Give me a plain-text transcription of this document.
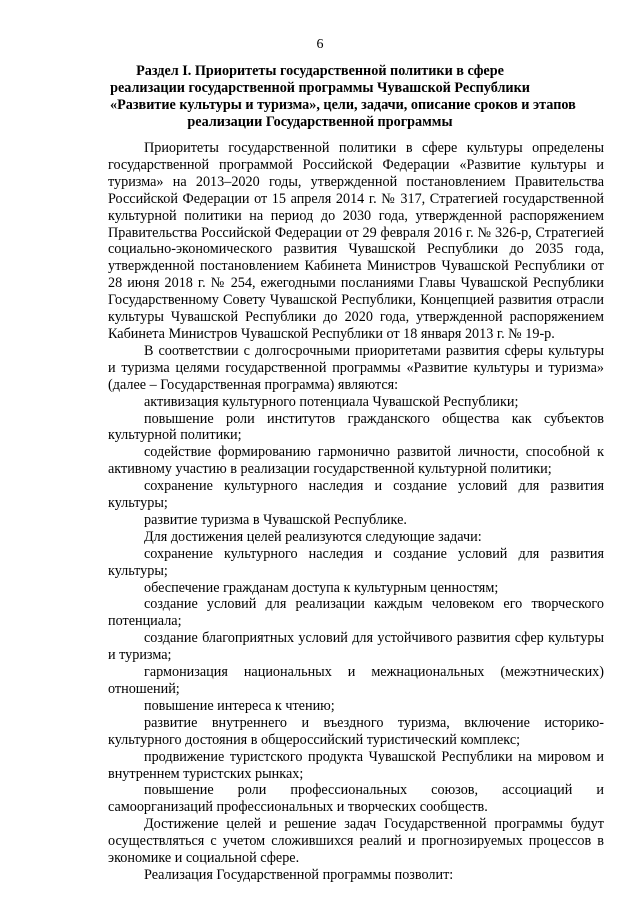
6
Раздел I. Приоритеты государственной политики в сфере
реализации государственной программы Чувашской Республики
«Развитие культуры и туризма», цели, задачи, описание сроков и этапов
реализации Государственной программы

Приоритеты государственной политики в сфере культуры определены государственной программой Российской Федерации «Развитие культуры и туризма» на 2013–2020 годы, утвержденной постановлением Правительства Российской Федерации от 15 апреля 2014 г. № 317, Стратегией государственной культурной политики на период до 2030 года, утвержденной распоряжением Правительства Российской Федерации от 29 февраля 2016 г. № 326-р, Стратегией социально-экономического развития Чувашской Республики до 2035 года, утвержденной постановлением Кабинета Министров Чувашской Республики от 28 июня 2018 г. № 254, ежегодными посланиями Главы Чувашской Республики Государственному Совету Чувашской Республики, Концепцией развития отрасли культуры Чувашской Республики до 2020 года, утвержденной распоряжением Кабинета Министров Чувашской Республики от 18 января 2013 г. № 19-р.

В соответствии с долгосрочными приоритетами развития сферы культуры и туризма целями государственной программы «Развитие культуры и туризма» (далее – Государственная программа) являются:

активизация культурного потенциала Чувашской Республики;

повышение роли институтов гражданского общества как субъектов культурной политики;

содействие формированию гармонично развитой личности, способной к активному участию в реализации государственной культурной политики;

сохранение культурного наследия и создание условий для развития культуры;

развитие туризма в Чувашской Республике.

Для достижения целей реализуются следующие задачи:

сохранение культурного наследия и создание условий для развития культуры;

обеспечение гражданам доступа к культурным ценностям;

создание условий для реализации каждым человеком его творческого потенциала;

создание благоприятных условий для устойчивого развития сфер культуры и туризма;

гармонизация национальных и межнациональных (межэтнических) отношений;

повышение интереса к чтению;

развитие внутреннего и въездного туризма, включение историко-культурного достояния в общероссийский туристический комплекс;

продвижение туристского продукта Чувашской Республики на мировом и внутреннем туристских рынках;

повышение роли профессиональных союзов, ассоциаций и самоорганизаций профессиональных и творческих сообществ.

Достижение целей и решение задач Государственной программы будут осуществляться с учетом сложившихся реалий и прогнозируемых процессов в экономике и социальной сфере.

Реализация Государственной программы позволит:
